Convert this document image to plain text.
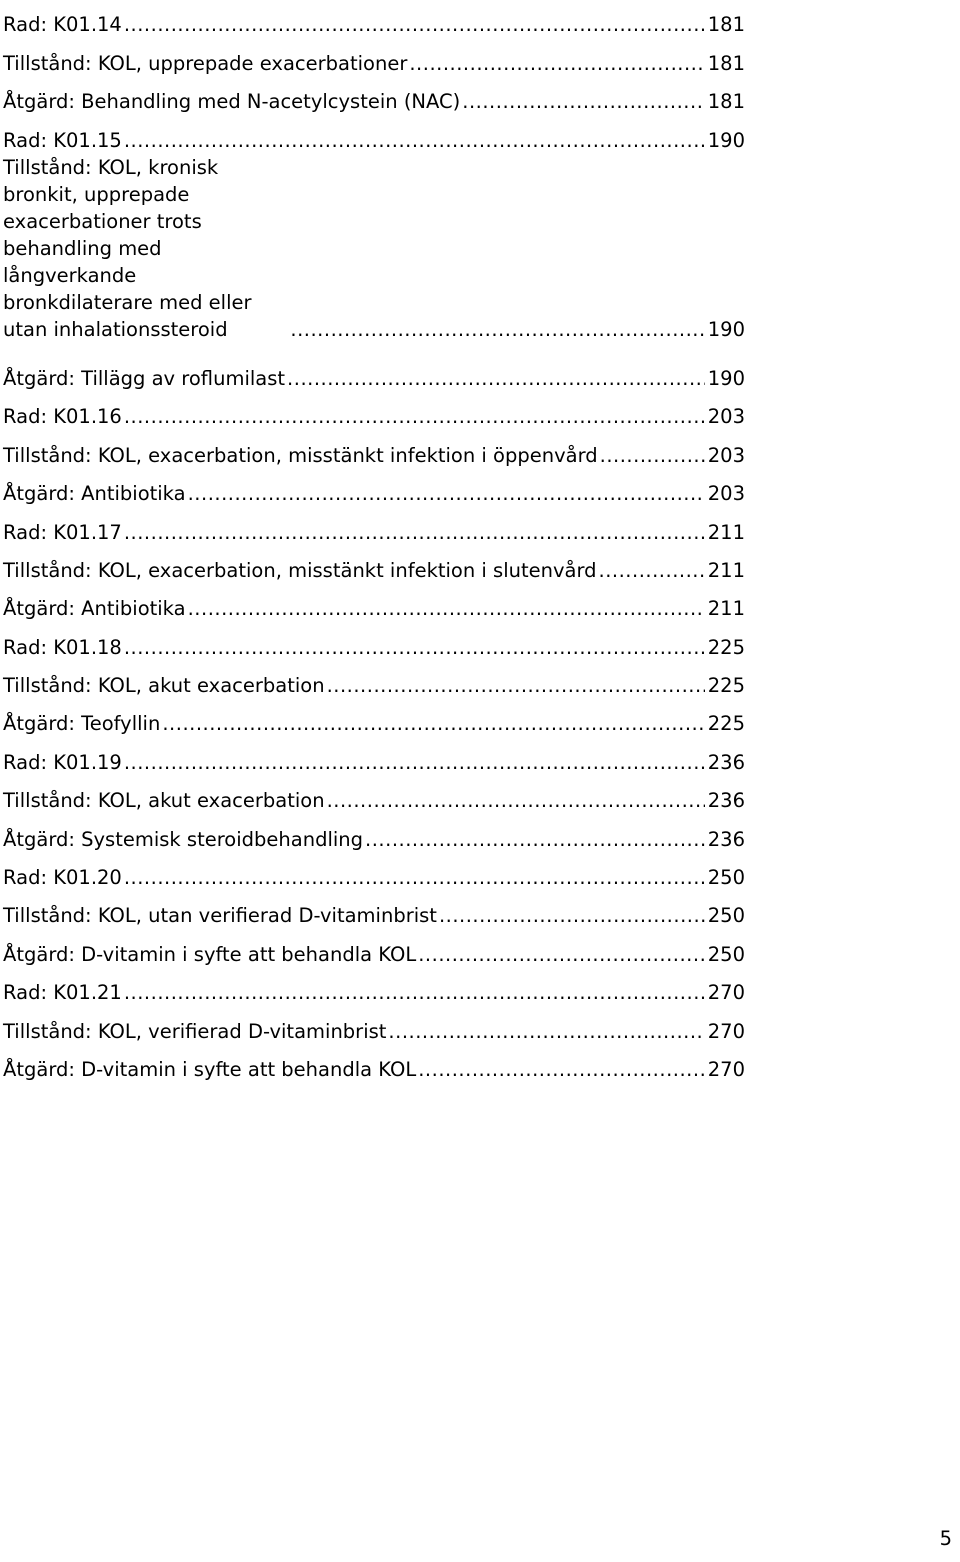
Rad: K01.14 .....	181
Tillstånd: KOL, upprepade exacerbationer .....	181
Åtgärd: Behandling med N-acetylcystein (NAC) .....	181
Rad: K01.15 .....	190
Tillstånd: KOL, kronisk bronkit, upprepade exacerbationer trots behandling med långverkande bronkdilaterare med eller utan inhalationssteroid .....	190
Åtgärd: Tillägg av roflumilast .....	190
Rad: K01.16 .....	203
Tillstånd: KOL, exacerbation, misstänkt infektion i öppenvård .....	203
Åtgärd: Antibiotika .....	203
Rad: K01.17 .....	211
Tillstånd: KOL, exacerbation, misstänkt infektion i slutenvård .....	211
Åtgärd: Antibiotika .....	211
Rad: K01.18 .....	225
Tillstånd: KOL, akut exacerbation .....	225
Åtgärd: Teofyllin .....	225
Rad: K01.19 .....	236
Tillstånd: KOL, akut exacerbation .....	236
Åtgärd: Systemisk steroidbehandling .....	236
Rad: K01.20 .....	250
Tillstånd: KOL, utan verifierad D-vitaminbrist .....	250
Åtgärd: D-vitamin i syfte att behandla KOL .....	250
Rad: K01.21 .....	270
Tillstånd: KOL, verifierad D-vitaminbrist .....	270
Åtgärd: D-vitamin i syfte att behandla KOL .....	270
5
